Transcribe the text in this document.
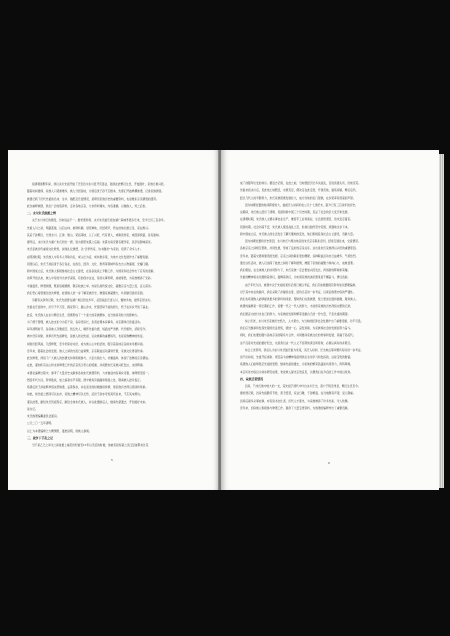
到清朝康熙年间，我们永川先祖开始了迁至四川永川县开荒落业，陆续在此繁衍生息，开枝散叶，家族日渐兴旺。
随着时间推移，家族人口逐渐增多，族人分居各地，为使后世子孙不忘根本，先辈们开始修撰族谱，记录家族源流。
族谱记载了历代先祖的名讳、生卒、婚配及迁徙情况，是研究家族历史的重要资料，也是维系宗亲情感的纽带。
此次重修族谱，我们广泛收集资料，走访各地宗亲，力求资料翔实，内容准确，以飨族人，传之后世。
二、永川朱氏族源之辨
关于永川朱氏的源流，历来说法不一。据老谱所载，永川朱氏始迁祖自湖广麻城孝感乡迁来，至今已历三百余年。
先祖入川之初，筚路蓝缕，以启山林，披荆斩棘，垦荒种地，历经艰辛，终在此地扎根立足，家业渐兴。
其后子孙繁衍，分居永川、江津、璧山、荣昌等地，人丁兴旺，代有贤人，或耕读传家，或经商致富，各有建树。
据考证，永川朱氏与湖广朱氏同出一源，皆为紫阳朱熹之后裔。朱熹为南宋著名理学家，其学说影响深远。
朱氏家族历代重视文化教育，崇尚礼仪道德，以“忠孝传家，诗书继世”为家训，培养了众多人才。
在明清时期，朱氏族人中有多人考取功名，或入仕为官，或执教乡里，为地方文化发展作出了重要贡献。
民国以后，朱氏子孙投身于各行各业，在政治、经济、文化、教育等领域均有杰出人物涌现，光耀门楣。
新中国成立后，朱氏族人积极参加社会主义建设，在各条战线上辛勤工作，为国家和社会作出了应有的贡献。
改革开放以来，族人中有的外出求学深造，有的创办企业，有的从事科研，成就斐然，为家族增添了光彩。
今逢盛世，修谱续牒，既是追根溯源、敬宗收族之举，亦是弘扬传统文化、凝聚宗亲力量之需，意义深远。
我们衷心希望通过此次修谱，能使族人进一步了解家族历史，增强家族凝聚力，共同建设美好家园。
另据有关资料记载，朱氏先祖曾在湖广地区居住多年，后因战乱迁徙入川，辗转多地，最终定居永川。
先祖在迁徙途中，历尽千辛万苦，携家带口，跋山涉水，凭借坚韧不拔的毅力，终于在异乡开创了基业。
此后，朱氏族人在永川繁衍生息，逐渐形成了一个庞大的家族群体，在当地具有较大的影响力。
为了便于管理，族人按支系分为若干房，各房设房长，负责处理本房事务，并定期举行祭祖活动。
每年清明时节，各房族人齐聚祖茔，祭扫先人，缅怀先祖功德，场面庄严肃穆，代代相传，延续至今。
族中设有祠堂，供奉历代先祖牌位，是族人祭祀先祖、议决族事的重要场所，也是家族精神的象征。
祠堂历经风雨，几经修葺，至今仍保存完好，成为族人心中的圣地，吸引着各地宗亲前来寻根问祖。
近年来，随着社会的发展，族人之间的交流日益频繁，宗亲联谊活动蓬勃开展，家族文化得到传承。
此次修谱，得到了广大族人的热情支持和积极参与，大家出钱出力，共襄盛举，体现了浓厚的宗亲情谊。
在此，谨向所有关心和支持修谱工作的宗亲表示衷心的感谢，并祝愿朱氏家族兴旺发达，永续辉煌。
本谱在编修过程中，参考了大量历史文献和各地朱氏族谱资料，力求做到内容真实可靠，体例规范统一。
然因年代久远，资料散佚，加之编者水平有限，谱中难免有疏漏和错误之处，敬请族人批评指正。
希望后世子孙能够珍惜这部族谱，妥善保存，并在适当的时候继续续修，使家族历史得以延续和传承。
如此，则先祖之德泽可以永存，家族之精神可以长传，后世子孙亦可知其所自来，不忘其本源也。
谨以此谱，献给朱氏列祖列宗，献给全体朱氏族人，并以此激励后人，继承先辈遗志，开创美好未来。
是为记。
朱氏族谱编纂委员会谨识。
公元二〇一五年清明。
以上为本谱编修之大概情形，谨此说明，供族人参阅。
三、战争下手乱之足
当不是乙已之卯川之间首最上端近世纪前至17年以无后的时候，他被卖到贫富之卖江县首都来过花
5
成了他随军出发的命运。据县志记载，在此之前，当地曾经历过多次战乱，百姓流离失所，田地荒芜。
先祖来到永川后，见此地土地肥沃，水源充足，便决定在此定居，开垦荒地，建造房屋，繁衍后代。
经过几代人的辛勤努力，朱氏家族逐渐发展壮大，成为当地的名门望族，在乡里享有很高的声望。
因为地理位置的时间跨度较大，始祖迁入时间约在公元十七世纪末，距今已有三百余年的历史。
这期间，朱氏族人经历了清朝、民国和新中国三个历史时期，见证了社会的巨大变迁和发展。
在清朝时期，朱氏族人主要从事农业生产，兼营手工业和商业，生活虽然清苦，但也安定富足。
民国时期，社会动荡不安，朱氏族人饱受战乱之苦，但他们始终坚守家园，顽强地生存下来。
新中国成立后，朱氏族人的生活发生了翻天覆地的变化，他们积极投身社会主义建设，贡献力量。
因为地理位置和历史原因，永川朱氏与周边地区的朱氏宗亲联系密切，经常互通往来，交流情况。
各地宗亲之间相互帮助，共同发展，形成了良好的宗亲关系，这也是朱氏家族得以兴旺的重要原因。
近年来，随着交通和通讯的发展，宗亲之间的联系更加便捷，各种联谊活动也日益增多，气氛热烈。
通过这些活动，族人们加深了彼此之间的了解和感情，增强了家族的凝聚力和向心力，成效显著。
我们相信，在全体族人的共同努力下，朱氏家族一定会更加兴旺发达，再创新的辉煌和荣耀。
先祖的精神将永远激励着我们，鼓舞着我们，为实现家族的美好愿景而不懈奋斗，勇往直前。
由于年代久远，族谱中关于先祖的某些记载已难以考证，我们只能根据现有资料加以整理编排。
对于其中存在的疑问，我们采取了存疑的态度，留待日后进一步考证，以保证族谱内容的严谨性。
我们也希望族人能够提供更多的资料和线索，帮助我们完善族谱，使之更加全面和准确，服务族人。
族谱的编修是一项长期的工作，需要一代又一代人的努力，才能使家族的历史得到完整的记录。
我们愿意为此付出自己的努力，为家族的发展和繁荣贡献自己的一份力量，不负先祖的期望。
综上所述，永川朱氏家族历史悠久，人才辈出，为当地的经济社会发展作出了重要贡献，功不可没。
我们应当继承和发扬先辈的优良传统，团结一心，奋发进取，为家族和社会的发展而努力奋斗。
同时，我们也要加强与各地宗亲的联系与合作，共同推动家族文化的传承和发展，造福子孙后代。
这不仅是对先祖的最好纪念，也是我们这一代人义不容辞的责任和使命，必须认真对待并践行。
综合上述资料，我们认为永川朱氏始迁祖为朱某，其迁入时间、迁出地点等问题仍有待进一步考证。
但不论如何，先祖开拓进取、艰苦奋斗的精神是值得我们永远学习和发扬的，这是宝贵的财富。
希望族人们能够铭记先祖的恩德，继承先祖的遗志，为家族的繁荣昌盛而共同努力，再铸辉煌。
本章所述内容仅为初步研究成果，欢迎族人提出宝贵意见，以便我们在今后的工作中加以改进。
四、家族迁徙情况
四房，乃朱氏族中较大的一支，其先祖于清代中叶自永川迁出，落户于附近州县，繁衍生息至今。
据老谱记载，四房先祖勤劳节俭，善于经营，家业日隆，子孙繁盛，在当地颇有声望，受人敬重。
四房后裔多从事农耕，亦有读书出仕者，历代人才辈出，为家族增添了许多光彩，令人钦佩。
近年来，四房族人积极参与修谱工作，提供了大量宝贵资料，为族谱的编修作出了重要贡献。
6
